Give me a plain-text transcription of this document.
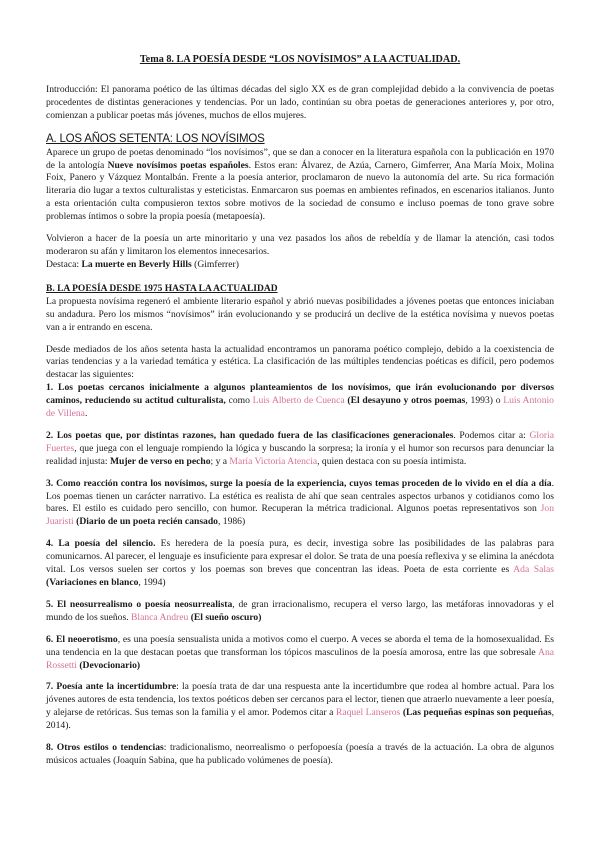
Tema 8. LA POESÍA DESDE “LOS NOVÍSIMOS” A LA ACTUALIDAD.

Introducción: El panorama poético de las últimas décadas del siglo XX es de gran complejidad debido a la convivencia de poetas procedentes de distintas generaciones y tendencias. Por un lado, continúan su obra poetas de generaciones anteriores y, por otro, comienzan a publicar poetas más jóvenes, muchos de ellos mujeres.

A. LOS AÑOS SETENTA: LOS NOVÍSIMOS

Aparece un grupo de poetas denominado “los novísimos”, que se dan a conocer en la literatura española con la publicación en 1970 de la antología Nueve novísimos poetas españoles. Estos eran: Álvarez, de Azúa, Carnero, Gimferrer, Ana María Moix, Molina Foix, Panero y Vázquez Montalbán. Frente a la poesía anterior, proclamaron de nuevo la autonomía del arte. Su rica formación literaria dio lugar a textos culturalistas y esteticistas. Enmarcaron sus poemas en ambientes refinados, en escenarios italianos. Junto a esta orientación culta compusieron textos sobre motivos de la sociedad de consumo e incluso poemas de tono grave sobre problemas íntimos o sobre la propia poesía (metapoesía).

Volvieron a hacer de la poesía un arte minoritario y una vez pasados los años de rebeldía y de llamar la atención, casi todos moderaron su afán y limitaron los elementos innecesarios.

Destaca: La muerte en Beverly Hills (Gimferrer)

B. LA POESÍA DESDE 1975 HASTA LA ACTUALIDAD

La propuesta novísima regeneró el ambiente literario español y abrió nuevas posibilidades a jóvenes poetas que entonces iniciaban su andadura. Pero los mismos “novísimos” irán evolucionando y se producirá un declive de la estética novísima y nuevos poetas van a ir entrando en escena.

Desde mediados de los años setenta hasta la actualidad encontramos un panorama poético complejo, debido a la coexistencia de varias tendencias y a la variedad temática y estética. La clasificación de las múltiples tendencias poéticas es difícil, pero podemos destacar las siguientes:

1. Los poetas cercanos inicialmente a algunos planteamientos de los novísimos, que irán evolucionando por diversos caminos, reduciendo su actitud culturalista, como Luis Alberto de Cuenca (El desayuno y otros poemas, 1993) o Luis Antonio de Villena.

2. Los poetas que, por distintas razones, han quedado fuera de las clasificaciones generacionales. Podemos citar a: Gloria Fuertes, que juega con el lenguaje rompiendo la lógica y buscando la sorpresa; la ironía y el humor son recursos para denunciar la realidad injusta: Mujer de verso en pecho; y a María Victoria Atencia, quien destaca con su poesía intimista.

3. Como reacción contra los novísimos, surge la poesía de la experiencia, cuyos temas proceden de lo vivido en el día a día. Los poemas tienen un carácter narrativo. La estética es realista de ahí que sean centrales aspectos urbanos y cotidianos como los bares. El estilo es cuidado pero sencillo, con humor. Recuperan la métrica tradicional. Algunos poetas representativos son Jon Juaristi (Diario de un poeta recién cansado, 1986)

4. La poesía del silencio. Es heredera de la poesía pura, es decir, investiga sobre las posibilidades de las palabras para comunicarnos. Al parecer, el lenguaje es insuficiente para expresar el dolor. Se trata de una poesía reflexiva y se elimina la anécdota vital. Los versos suelen ser cortos y los poemas son breves que concentran las ideas. Poeta de esta corriente es Ada Salas (Variaciones en blanco, 1994)

5. El neosurrealismo o poesía neosurrealista, de gran irracionalismo, recupera el verso largo, las metáforas innovadoras y el mundo de los sueños. Blanca Andreu (El sueño oscuro)

6. El neoerotismo, es una poesía sensualista unida a motivos como el cuerpo. A veces se aborda el tema de la homosexualidad. Es una tendencia en la que destacan poetas que transforman los tópicos masculinos de la poesía amorosa, entre las que sobresale Ana Rossetti (Devocionario)

7. Poesía ante la incertidumbre: la poesía trata de dar una respuesta ante la incertidumbre que rodea al hombre actual. Para los jóvenes autores de esta tendencia, los textos poéticos deben ser cercanos para el lector, tienen que atraerlo nuevamente a leer poesía, y alejarse de retóricas. Sus temas son la familia y el amor. Podemos citar a Raquel Lanseros (Las pequeñas espinas son pequeñas, 2014).

8. Otros estilos o tendencias: tradicionalismo, neorrealismo o perfopoesía (poesía a través de la actuación. La obra de algunos músicos actuales (Joaquín Sabina, que ha publicado volúmenes de poesía).
